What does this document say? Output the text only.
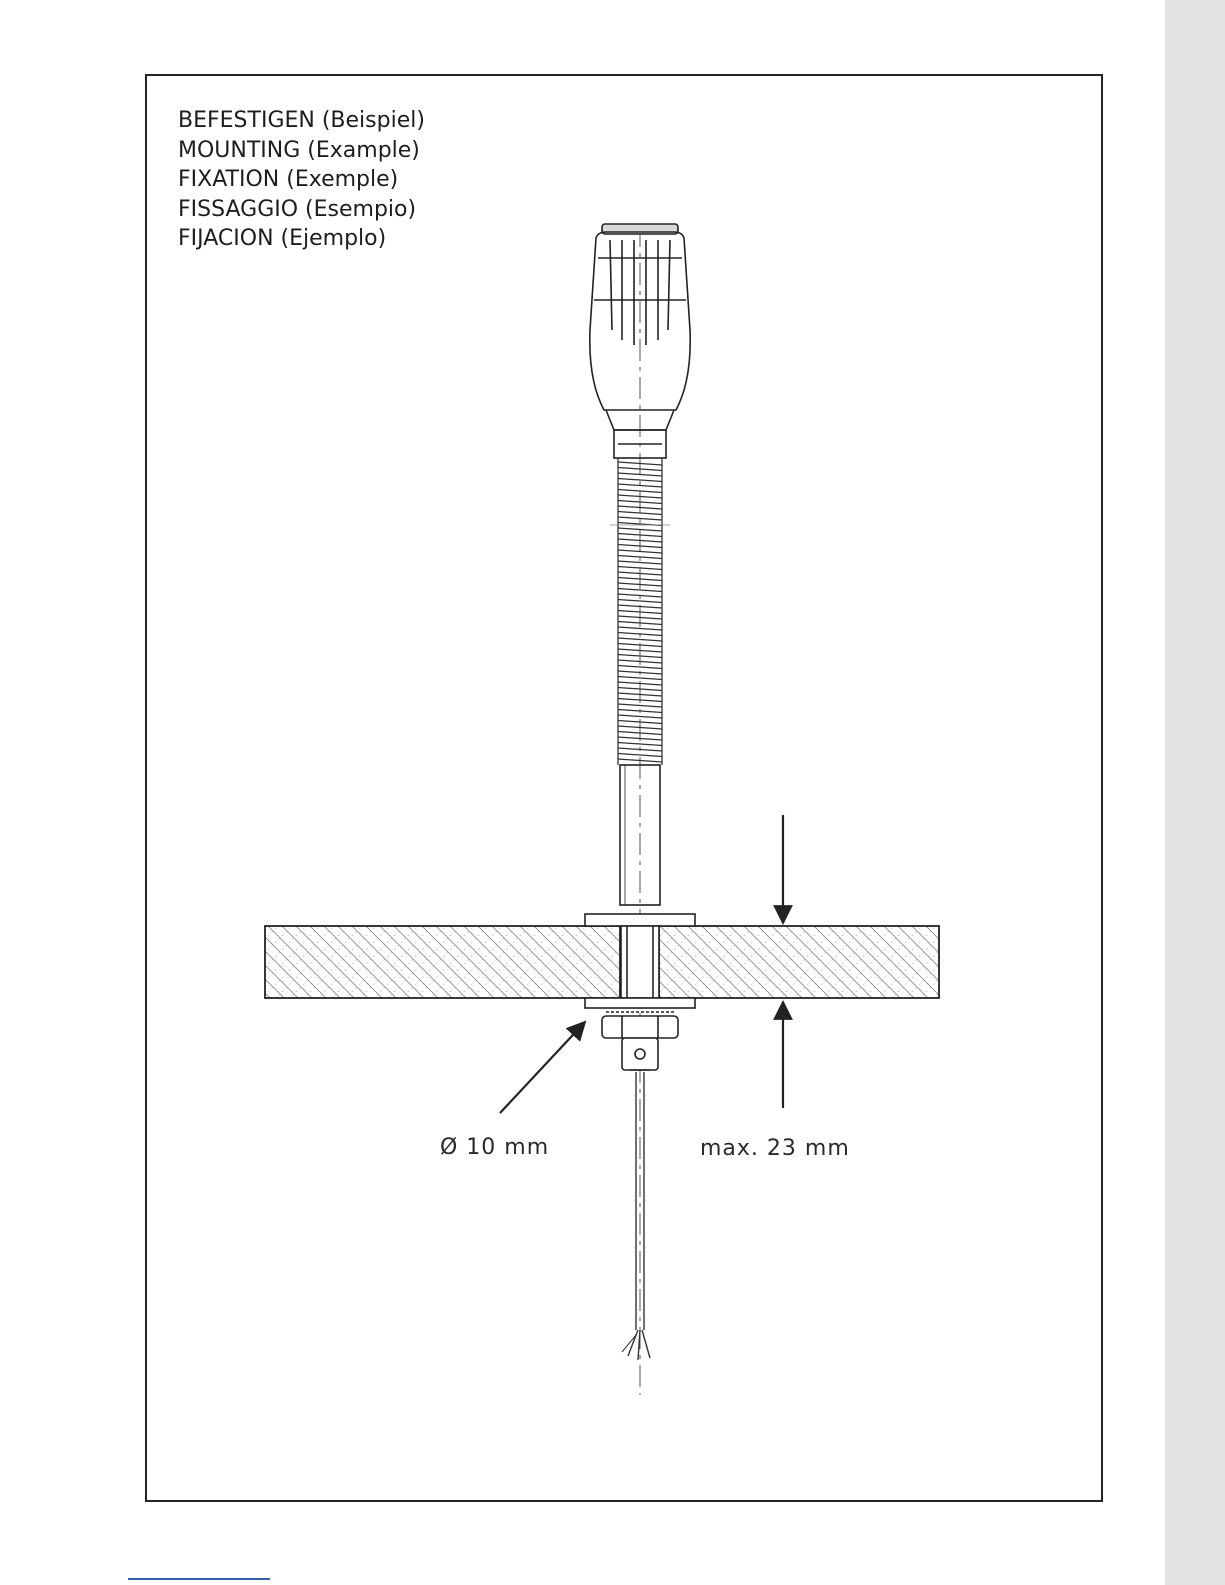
BEFESTIGEN (Beispiel)
MOUNTING (Example)
FIXATION (Exemple)
FISSAGGIO (Esempio)
FIJACION (Ejemplo)
Ø 10 mm	max. 23 mm
